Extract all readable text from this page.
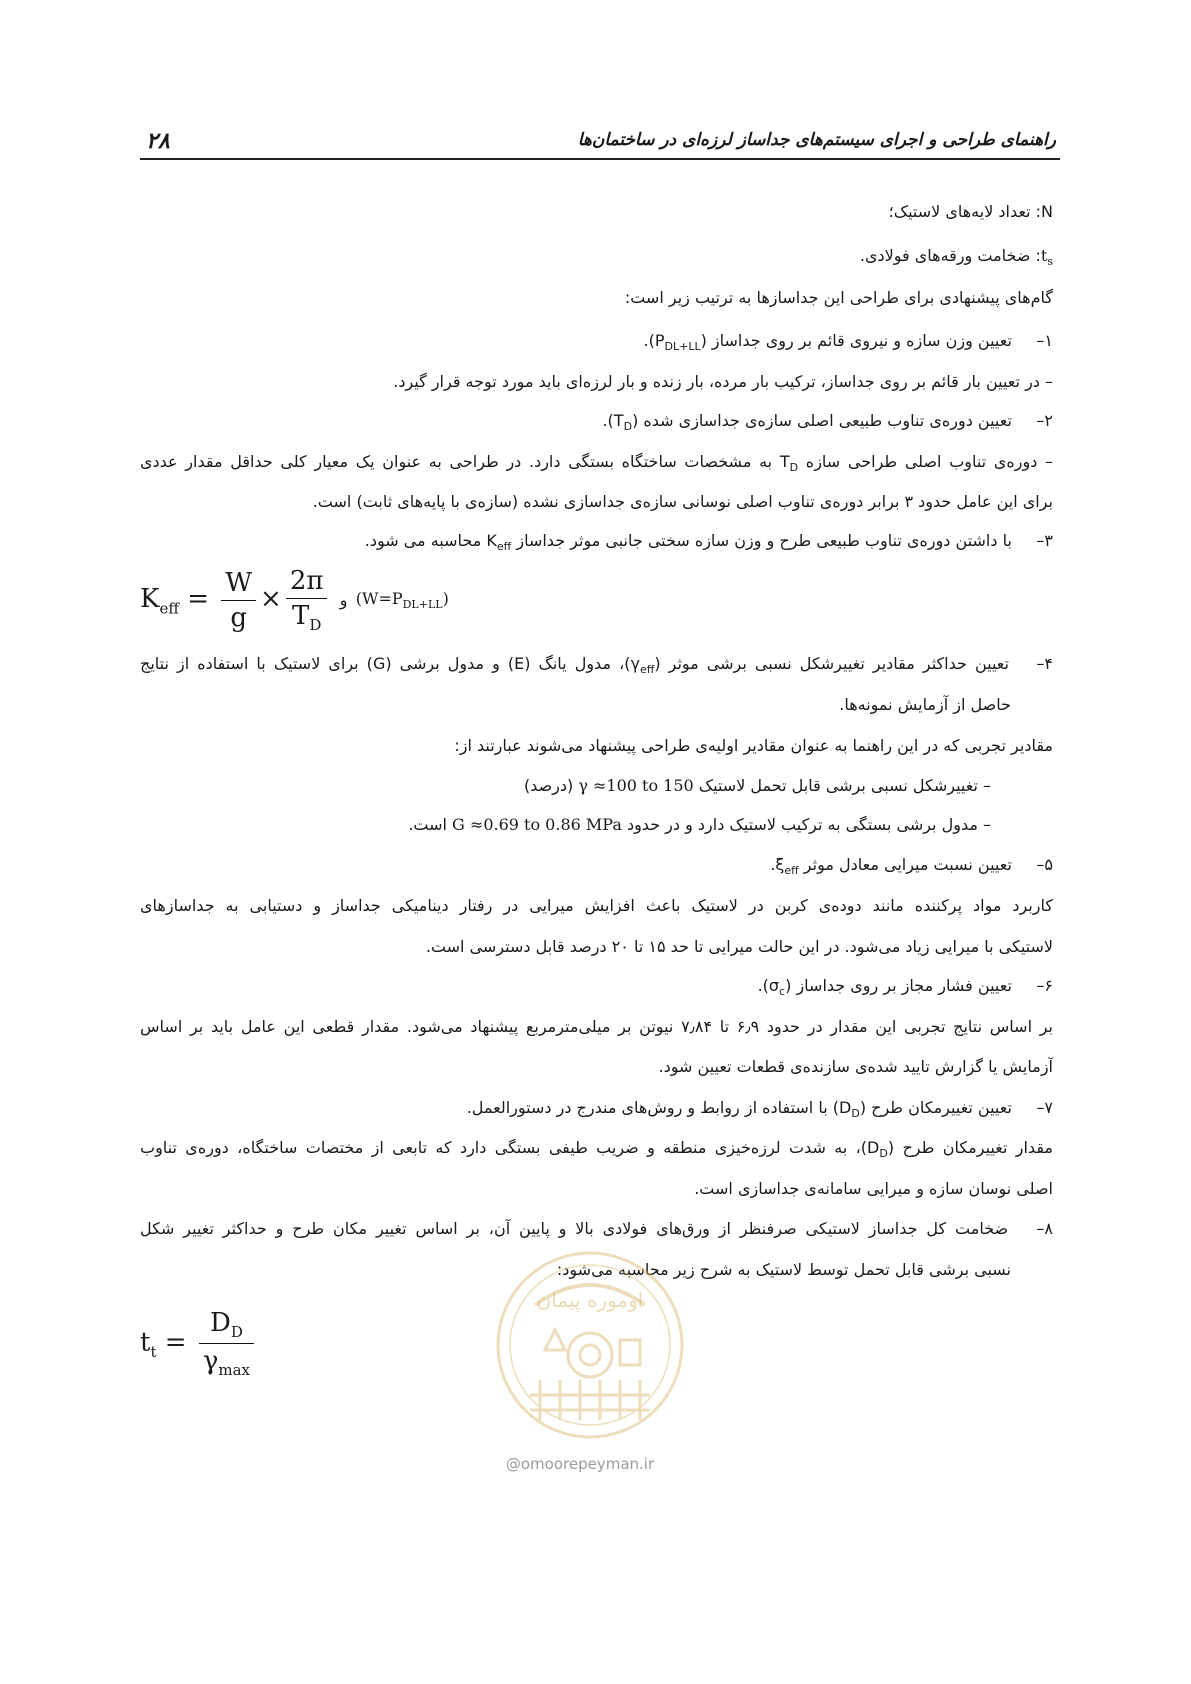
۲۸	راهنمای طراحی و اجرای سیستم‌های جداساز لرزه‌ای در ساختمان‌ها
N: تعداد لایه‌های لاستیک؛
$t_s$: ضخامت ورقه‌های فولادی.
گام‌های پیشنهادی برای طراحی این جداسازها به ترتیب زیر است:
۱– تعیین وزن سازه و نیروی قائم بر روی جداساز $(P_{DL+LL})$.
– در تعیین بار قائم بر روی جداساز، ترکیب بار مرده، بار زنده و بار لرزه‌ای باید مورد توجه قرار گیرد.
۲– تعیین دوره‌ی تناوب طبیعی اصلی سازه‌ی جداسازی شده $(T_D)$.
– دوره‌ی تناوب اصلی طراحی سازه $T_D$ به مشخصات ساختگاه بستگی دارد. در طراحی به عنوان یک معیار کلی حداقل مقدار عددی
برای این عامل حدود ۳ برابر دوره‌ی تناوب اصلی نوسانی سازه‌ی جداسازی نشده (سازه‌ی با پایه‌های ثابت) است.
۳– با داشتن دوره‌ی تناوب طبیعی طرح و وزن سازه سختی جانبی موثر جداساز $K_{eff}$ محاسبه می شود.
$K_{eff} = \frac{W}{g} \times \frac{2\pi}{T_D}$ و $(W=P_{DL+LL})$
۴– تعیین حداکثر مقادیر تغییرشکل نسبی برشی موثر $(\gamma_{eff})،$ مدول یانگ (E) و مدول برشی (G) برای لاستیک با استفاده از نتایج
حاصل از آزمایش نمونه‌ها.
مقادیر تجربی که در این راهنما به عنوان مقادیر اولیه‌ی طراحی پیشنهاد می‌شوند عبارتند از:
– تغییرشکل نسبی برشی قابل تحمل لاستیک γ ≈100 to 150 (درصد)
– مدول برشی بستگی به ترکیب لاستیک دارد و در حدود G ≈0.69 to 0.86 MPa است.
۵– تعیین نسبت میرایی معادل موثر $\xi_{eff}$.
کاربرد مواد پرکننده مانند دوده‌ی کربن در لاستیک باعث افزایش میرایی در رفتار دینامیکی جداساز و دستیابی به جداسازهای
لاستیکی با میرایی زیاد می‌شود. در این حالت میرایی تا حد ۱۵ تا ۲۰ درصد قابل دسترسی است.
۶– تعیین فشار مجاز بر روی جداساز $(\sigma_c)$.
بر اساس نتایج تجربی این مقدار در حدود ۶٫۹ تا ۷٫۸۴ نیوتن بر میلی‌مترمربع پیشنهاد می‌شود. مقدار قطعی این عامل باید بر اساس
آزمایش یا گزارش تایید شده‌ی سازنده‌ی قطعات تعیین شود.
۷– تعیین تغییرمکان طرح $(D_D)$ با استفاده از روابط و روش‌های مندرج در دستورالعمل.
مقدار تغییرمکان طرح $(D_D)،$ به شدت لرزه‌خیزی منطقه و ضریب طیفی بستگی دارد که تابعی از مختصات ساختگاه، دوره‌ی تناوب
اصلی نوسان سازه و میرایی سامانه‌ی جداسازی است.
۸– ضخامت کل جداساز لاستیکی صرفنظر از ورق‌های فولادی بالا و پایین آن، بر اساس تغییر مکان طرح و حداکثر تغییر شکل
نسبی برشی قابل تحمل توسط لاستیک به شرح زیر محاسبه می‌شود:
$t_t = \frac{D_D}{\gamma_{max}}$
اوموره پیمان
@omoorepeyman.ir
